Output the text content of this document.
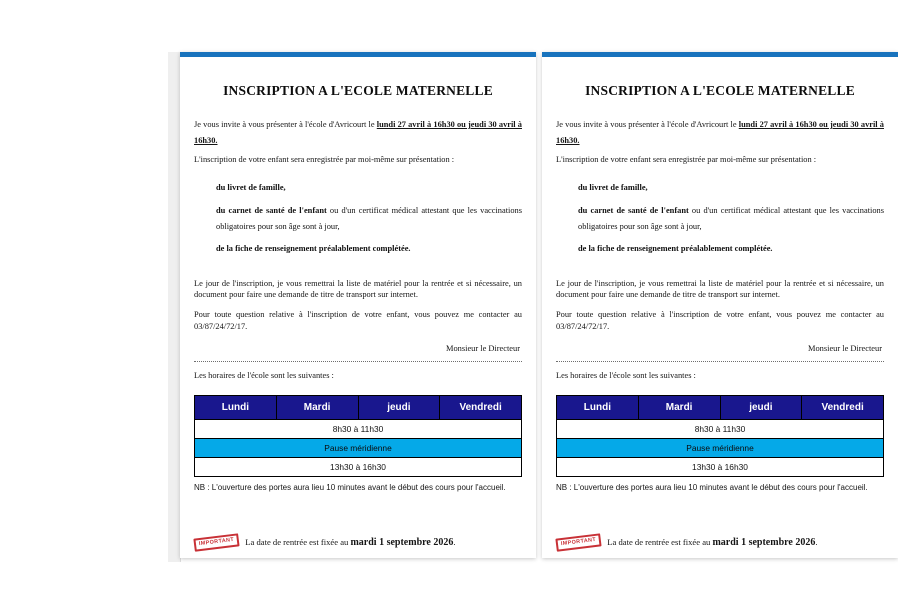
INSCRIPTION A L'ECOLE MATERNELLE

Je vous invite à vous présenter à l'école d'Avricourt le lundi 27 avril à 16h30 ou jeudi 30 avril à 16h30.

L'inscription de votre enfant sera enregistrée par moi-même sur présentation :

du livret de famille,

du carnet de santé de l'enfant ou d'un certificat médical attestant que les vaccinations obligatoires pour son âge sont à jour,

de la fiche de renseignement préalablement complétée.

Le jour de l'inscription, je vous remettrai la liste de matériel pour la rentrée et si nécessaire, un document pour faire une demande de titre de transport sur internet.

Pour toute question relative à l'inscription de votre enfant, vous pouvez me contacter au 03/87/24/72/17.

Monsieur le Directeur

Les horaires de l'école sont les suivantes :

Lundi	Mardi	jeudi	Vendredi
8h30 à 11h30
Pause méridienne
13h30 à 16h30
NB : L'ouverture des portes aura lieu 10 minutes avant le début des cours pour l'accueil.
IMPORTANT	La date de rentrée est fixée au mardi 1 septembre 2026.
INSCRIPTION A L'ECOLE MATERNELLE

Je vous invite à vous présenter à l'école d'Avricourt le lundi 27 avril à 16h30 ou jeudi 30 avril à 16h30.

L'inscription de votre enfant sera enregistrée par moi-même sur présentation :

du livret de famille,

du carnet de santé de l'enfant ou d'un certificat médical attestant que les vaccinations obligatoires pour son âge sont à jour,

de la fiche de renseignement préalablement complétée.

Le jour de l'inscription, je vous remettrai la liste de matériel pour la rentrée et si nécessaire, un document pour faire une demande de titre de transport sur internet.

Pour toute question relative à l'inscription de votre enfant, vous pouvez me contacter au 03/87/24/72/17.

Monsieur le Directeur

Les horaires de l'école sont les suivantes :

Lundi	Mardi	jeudi	Vendredi
8h30 à 11h30
Pause méridienne
13h30 à 16h30
NB : L'ouverture des portes aura lieu 10 minutes avant le début des cours pour l'accueil.
IMPORTANT	La date de rentrée est fixée au mardi 1 septembre 2026.
